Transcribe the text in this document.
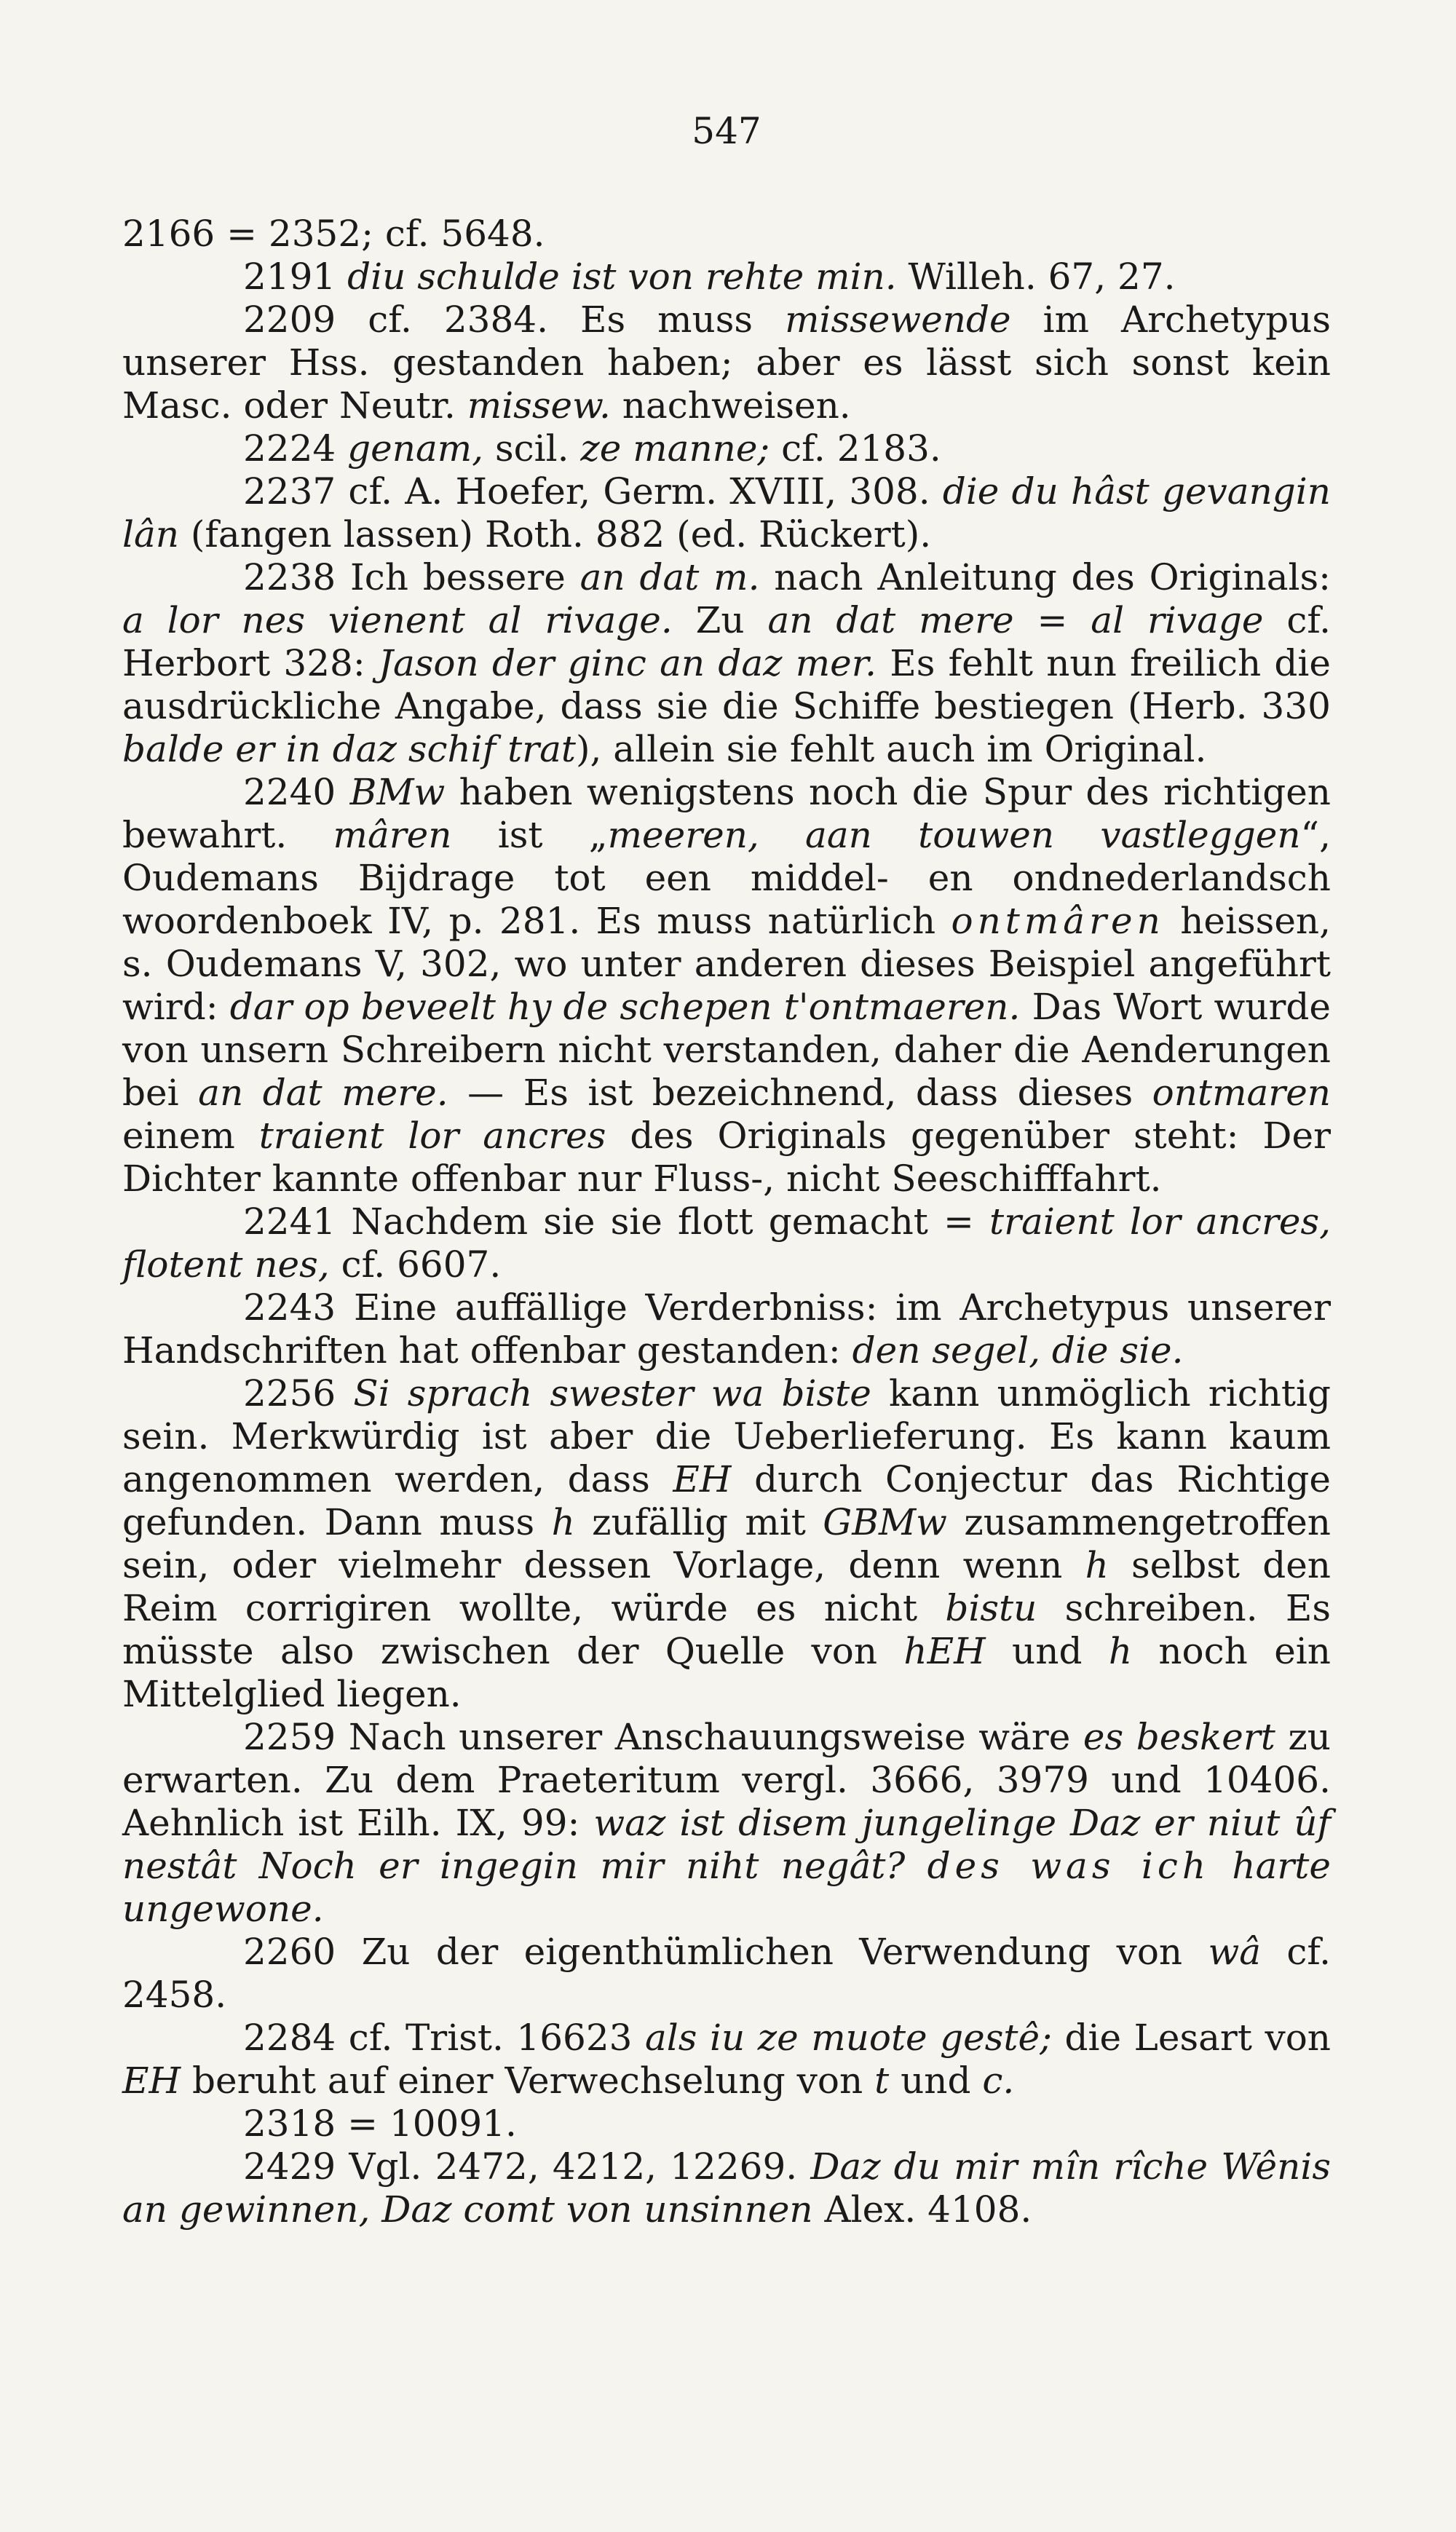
547

2166 = 2352; cf. 5648.

2191 diu schulde ist von rehte min. Willeh. 67, 27.

2209 cf. 2384. Es muss missewende im Archetypus unserer Hss. gestanden haben; aber es lässt sich sonst kein Masc. oder Neutr. missew. nachweisen.

2224 genam, scil. ze manne; cf. 2183.

2237 cf. A. Hoefer, Germ. XVIII, 308. die du hâst gevangin lân (fangen lassen) Roth. 882 (ed. Rückert).

2238 Ich bessere an dat m. nach Anleitung des Originals: a lor nes vienent al rivage. Zu an dat mere = al rivage cf. Herbort 328: Jason der ginc an daz mer. Es fehlt nun freilich die ausdrückliche Angabe, dass sie die Schiffe bestiegen (Herb. 330 balde er in daz schif trat), allein sie fehlt auch im Original.

2240 BMw haben wenigstens noch die Spur des richtigen bewahrt. mâren ist „meeren, aan touwen vastleggen“, Oudemans Bijdrage tot een middel- en ondnederlandsch woordenboek IV, p. 281. Es muss natürlich ontmâren heissen, s. Oudemans V, 302, wo unter anderen dieses Beispiel angeführt wird: dar op beveelt hy de schepen t'ontmaeren. Das Wort wurde von unsern Schreibern nicht verstanden, daher die Aenderungen bei an dat mere. — Es ist bezeichnend, dass dieses ontmaren einem traient lor ancres des Originals gegenüber steht: Der Dichter kannte offenbar nur Fluss-, nicht Seeschifffahrt.

2241 Nachdem sie sie flott gemacht = traient lor ancres, flotent nes, cf. 6607.

2243 Eine auffällige Verderbniss: im Archetypus unserer Handschriften hat offenbar gestanden: den segel, die sie.

2256 Si sprach swester wa biste kann unmöglich richtig sein. Merkwürdig ist aber die Ueberlieferung. Es kann kaum angenommen werden, dass EH durch Conjectur das Richtige gefunden. Dann muss h zufällig mit GBMw zusammengetroffen sein, oder vielmehr dessen Vorlage, denn wenn h selbst den Reim corrigiren wollte, würde es nicht bistu schreiben. Es müsste also zwischen der Quelle von hEH und h noch ein Mittelglied liegen.

2259 Nach unserer Anschauungsweise wäre es beskert zu erwarten. Zu dem Praeteritum vergl. 3666, 3979 und 10406. Aehnlich ist Eilh. IX, 99: waz ist disem jungelinge Daz er niut ûf nestât Noch er ingegin mir niht negât? des was ich harte ungewone.

2260 Zu der eigenthümlichen Verwendung von wâ cf. 2458.

2284 cf. Trist. 16623 als iu ze muote gestê; die Lesart von EH beruht auf einer Verwechselung von t und c.

2318 = 10091.

2429 Vgl. 2472, 4212, 12269. Daz du mir mîn rîche Wênis an gewinnen, Daz comt von unsinnen Alex. 4108.
